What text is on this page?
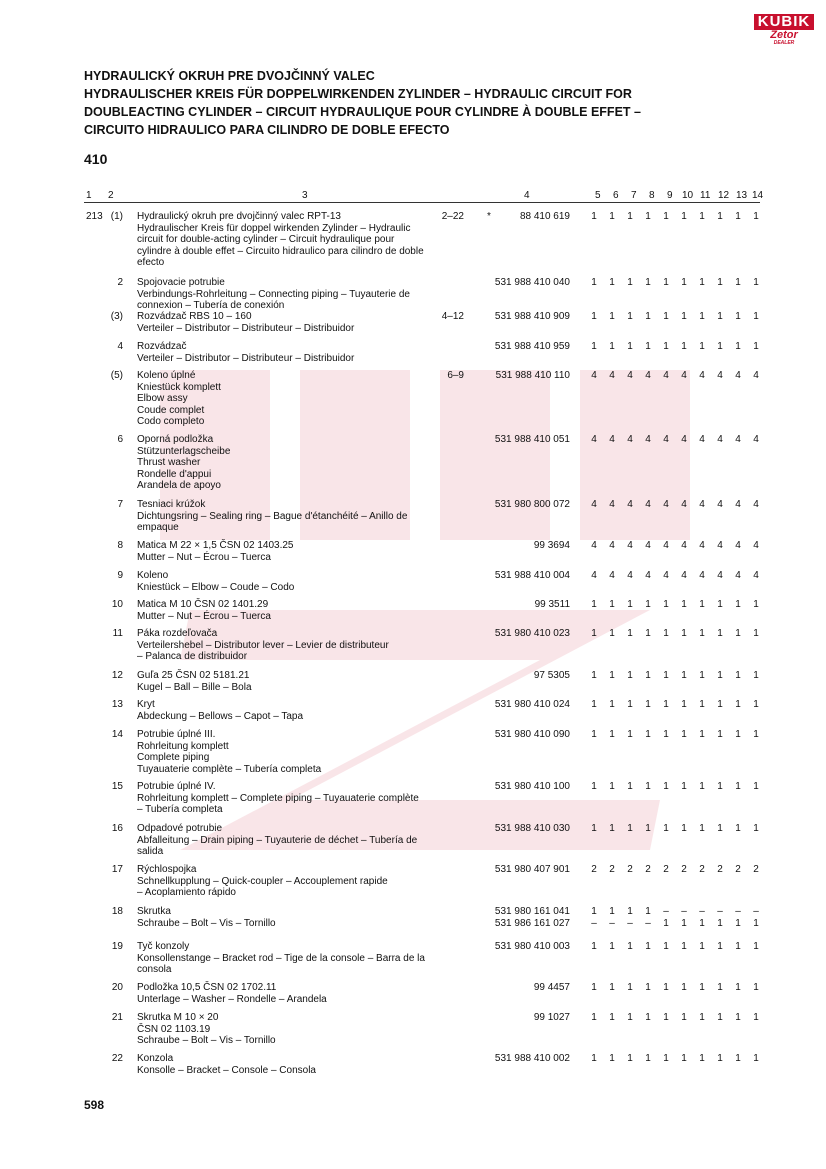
KUBIK
Zetor
DEALER
HYDRAULICKÝ OKRUH PRE DVOJČINNÝ VALEC
HYDRAULISCHER KREIS FÜR DOPPELWIRKENDEN ZYLINDER – HYDRAULIC CIRCUIT FOR
DOUBLEACTING CYLINDER – CIRCUIT HYDRAULIQUE POUR CYLINDRE À DOUBLE EFFET –
CIRCUITO HIDRAULICO PARA CILINDRO DE DOBLE EFECTO
410
1 2	3	4	5 6 7 8 9 10 11 12 13 14
213 (1) Hydraulický okruh pre dvojčinný valec RPT-13
Hydraulischer Kreis für doppel wirkenden Zylinder – Hydraulic
circuit for double-acting cylinder – Circuit hydraulique pour
cylindre à double effet – Circuito hidraulico para cilindro de doble
efecto
2–22 *	88 410 619	1	1	1	1	1	1	1	1	1	1
2 Spojovacie potrubie
Verbindungs-Rohrleitung – Connecting piping – Tuyauterie de
connexion – Tubería de conexión
531 988 410 040	1	1	1	1	1	1	1	1	1	1
(3) Rozvádzač RBS 10 – 160
Verteiler – Distributor – Distributeur – Distribuidor
4–12	531 988 410 909	1	1	1	1	1	1	1	1	1	1
4 Rozvádzač
Verteiler – Distributor – Distributeur – Distribuidor
531 988 410 959	1	1	1	1	1	1	1	1	1	1
(5) Koleno úplné
Kniestück komplett
Elbow assy
Coude complet
Codo completo
6–9	531 988 410 110	4	4	4	4	4	4	4	4	4	4
6 Oporná podložka
Stützunterlagscheibe
Thrust washer
Rondelle d'appui
Arandela de apoyo
531 988 410 051	4	4	4	4	4	4	4	4	4	4
7 Tesniaci krúžok
Dichtungsring – Sealing ring – Bague d'étanchéité – Anillo de
empaque
531 980 800 072	4	4	4	4	4	4	4	4	4	4
8 Matica M 22 × 1,5 ČSN 02 1403.25
Mutter – Nut – Écrou – Tuerca
99 3694	4	4	4	4	4	4	4	4	4	4
9 Koleno
Kniestück – Elbow – Coude – Codo
531 988 410 004	4	4	4	4	4	4	4	4	4	4
10 Matica M 10 ČSN 02 1401.29
Mutter – Nut – Écrou – Tuerca
99 3511	1	1	1	1	1	1	1	1	1	1
11 Páka rozdeľovača
Verteilershebel – Distributor lever – Levier de distributeur
– Palanca de distribuidor
531 980 410 023	1	1	1	1	1	1	1	1	1	1
12 Guľa 25 ČSN 02 5181.21
Kugel – Ball – Bille – Bola
97 5305	1	1	1	1	1	1	1	1	1	1
13 Kryt
Abdeckung – Bellows – Capot – Tapa
531 980 410 024	1	1	1	1	1	1	1	1	1	1
14 Potrubie úplné III.
Rohrleitung komplett
Complete piping
Tuyauaterie complète – Tubería completa
531 980 410 090	1	1	1	1	1	1	1	1	1	1
15 Potrubie úplné IV.
Rohrleitung komplett – Complete piping – Tuyauaterie complète
– Tubería completa
531 980 410 100	1	1	1	1	1	1	1	1	1	1
16 Odpadové potrubie
Abfalleitung – Drain piping – Tuyauterie de déchet – Tubería de
salida
531 988 410 030	1	1	1	1	1	1	1	1	1	1
17 Rýchlospojka
Schnellkupplung – Quick-coupler – Accouplement rapide
– Acoplamiento rápido
531 980 407 901	2	2	2	2	2	2	2	2	2	2
18 Skrutka
Schraube – Bolt – Vis – Tornillo
531 980 161 041	1	1	1	1	–	–	–	–	–	–
531 986 161 027	–	–	–	–	1	1	1	1	1	1
19 Tyč konzoly
Konsollenstange – Bracket rod – Tige de la console – Barra de la
consola
531 980 410 003	1	1	1	1	1	1	1	1	1	1
20 Podložka 10,5 ČSN 02 1702.11
Unterlage – Washer – Rondelle – Arandela
99 4457	1	1	1	1	1	1	1	1	1	1
21 Skrutka M 10 × 20
ČSN 02 1103.19
Schraube – Bolt – Vis – Tornillo
99 1027	1	1	1	1	1	1	1	1	1	1
22 Konzola
Konsolle – Bracket – Console – Consola
531 988 410 002	1	1	1	1	1	1	1	1	1	1
598
